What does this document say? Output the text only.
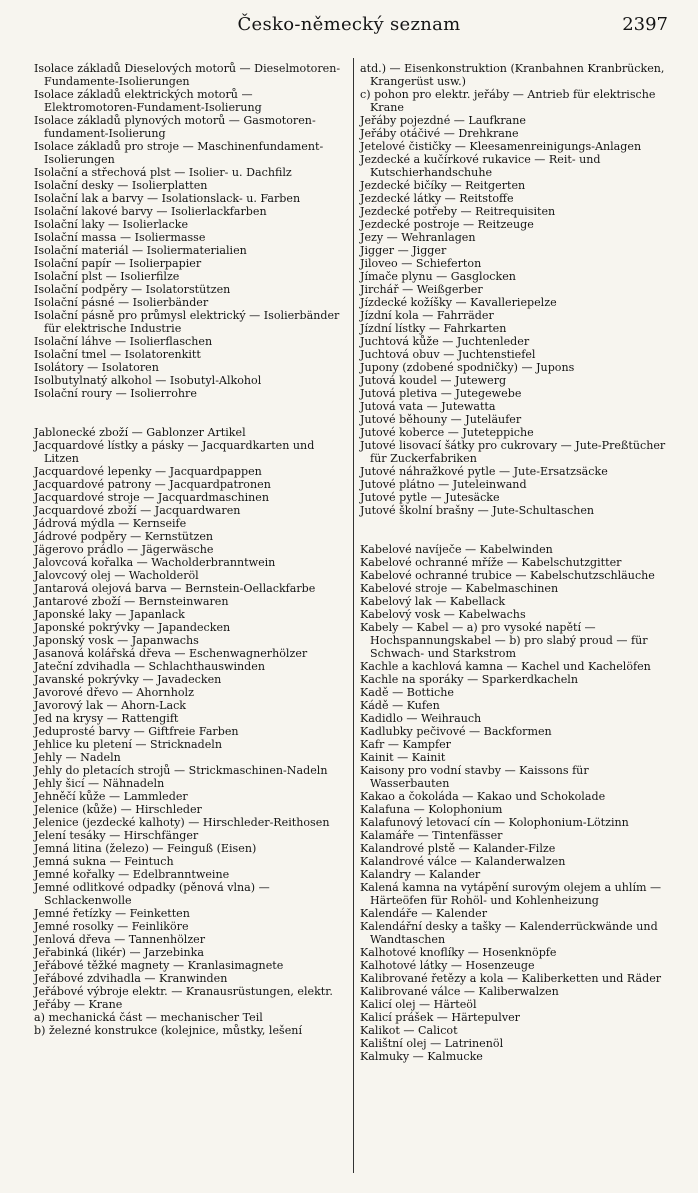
Česko-německý seznam	2397
Isolace základů Dieselových motorů — Dieselmotoren-Fundamente-Isolierungen
Isolace základů elektrických motorů — Elektromotoren-Fundament-Isolierung
Isolace základů plynových motorů — Gasmotoren-fundament-Isolierung
Isolace základů pro stroje — Maschinenfundament-Isolierungen
Isolační a střechová plst — Isolier- u. Dachfilz
Isolační desky — Isolierplatten
Isolační lak a barvy — Isolationslack- u. Farben
Isolační lakové barvy — Isolierlackfarben
Isolační laky — Isolierlacke
Isolační massa — Isoliermasse
Isolační materiál — Isoliermaterialien
Isolační papír — Isolierpapier
Isolační plst — Isolierfilze
Isolační podpěry — Isolatorstützen
Isolační pásné — Isolierbänder
Isolační pásně pro průmysl elektrický — Isolierbänder für elektrische Industrie
Isolační láhve — Isolierflaschen
Isolační tmel — Isolatorenkitt
Isolátory — Isolatoren
Isolbutylnatý alkohol — Isobutyl-Alkohol
Isolační roury — Isolierrohre
Jablonecké zboží — Gablonzer Artikel
Jacquardové lístky a pásky — Jacquardkarten und Litzen
Jacquardové lepenky — Jacquardpappen
Jacquardové patrony — Jacquardpatronen
Jacquardové stroje — Jacquardmaschinen
Jacquardové zboží — Jacquardwaren
Jádrová mýdla — Kernseife
Jádrové podpěry — Kernstützen
Jägerovo prádlo — Jägerwäsche
Jalovcová kořalka — Wacholderbranntwein
Jalovcový olej — Wacholderöl
Jantarová olejová barva — Bernstein-Oellackfarbe
Jantarové zboží — Bernsteinwaren
Japonské laky — Japanlack
Japonské pokrývky — Japandecken
Japonský vosk — Japanwachs
Jasanová kolářská dřeva — Eschenwagnerhölzer
Jateční zdvihadla — Schlachthauswinden
Javanské pokrývky — Javadecken
Javorové dřevo — Ahornholz
Javorový lak — Ahorn-Lack
Jed na krysy — Rattengift
Jeduprosté barvy — Giftfreie Farben
Jehlice ku pletení — Stricknadeln
Jehly — Nadeln
Jehly do pletacích strojů — Strickmaschinen-Nadeln
Jehly šicí — Nähnadeln
Jehněčí kůže — Lammleder
Jelenice (kůže) — Hirschleder
Jelenice (jezdecké kalhoty) — Hirschleder-Reithosen
Jelení tesáky — Hirschfänger
Jemná litina (železo) — Feinguß (Eisen)
Jemná sukna — Feintuch
Jemné kořalky — Edelbranntweine
Jemné odlitkové odpadky (pěnová vlna) — Schlackenwolle
Jemné řetízky — Feinketten
Jemné rosolky — Feinliköre
Jenlová dřeva — Tannenhölzer
Jeřabinká (likér) — Jarzebinka
Jeřábové těžké magnety — Kranlasimagnete
Jeřábové zdvihadla — Kranwinden
Jeřábové výbroje elektr. — Kranausrüstungen, elektr.
Jeřáby — Krane
a) mechanická část — mechanischer Teil
b) železné konstrukce (kolejnice, můstky, lešení
atd.) — Eisenkonstruktion (Kranbahnen Kranbrücken, Krangerüst usw.)
c) pohon pro elektr. jeřáby — Antrieb für elektrische Krane
Jeřáby pojezdné — Laufkrane
Jeřáby otáčivé — Drehkrane
Jetelové čističky — Kleesamenreinigungs-Anlagen
Jezdecké a kučírkové rukavice — Reit- und Kutschierhandschuhe
Jezdecké bičíky — Reitgerten
Jezdecké látky — Reitstoffe
Jezdecké potřeby — Reitrequisiten
Jezdecké postroje — Reitzeuge
Jezy — Wehranlagen
Jigger — Jigger
Jiloveo — Schieferton
Jímače plynu — Gasglocken
Jirchář — Weißgerber
Jízdecké kožíšky — Kavalleriepelze
Jízdní kola — Fahrräder
Jízdní lístky — Fahrkarten
Juchtová kůže — Juchtenleder
Juchtová obuv — Juchtenstiefel
Jupony (zdobené spodničky) — Jupons
Jutová koudel — Jutewerg
Jutová pletiva — Jutegewebe
Jutová vata — Jutewatta
Jutové běhouny — Juteläufer
Jutové koberce — Juteteppiche
Jutové lisovací šátky pro cukrovary — Jute-Preßtücher für Zuckerfabriken
Jutové náhražkové pytle — Jute-Ersatzsäcke
Jutové plátno — Juteleinwand
Jutové pytle — Jutesäcke
Jutové školní brašny — Jute-Schultaschen
Kabelové navíječe — Kabelwinden
Kabelové ochranné mříže — Kabelschutzgitter
Kabelové ochranné trubice — Kabelschutzschläuche
Kabelové stroje — Kabelmaschinen
Kabelový lak — Kabellack
Kabelový vosk — Kabelwachs
Kabely — Kabel — a) pro vysoké napětí — Hochspannungskabel — b) pro slabý proud — für Schwach- und Starkstrom
Kachle a kachlová kamna — Kachel und Kachelöfen
Kachle na sporáky — Sparkerdkacheln
Kadě — Bottiche
Kádě — Kufen
Kadidlo — Weihrauch
Kadlubky pečivové — Backformen
Kafr — Kampfer
Kainit — Kainit
Kaisony pro vodní stavby — Kaissons für Wasserbauten
Kakao a čokoláda — Kakao und Schokolade
Kalafuna — Kolophonium
Kalafunový letovací cín — Kolophonium-Lötzinn
Kalamáře — Tintenfässer
Kalandrové plstě — Kalander-Filze
Kalandrové válce — Kalanderwalzen
Kalandry — Kalander
Kalená kamna na vytápění surovým olejem a uhlím — Härteöfen für Rohöl- und Kohlenheizung
Kalendáře — Kalender
Kalendářní desky a tašky — Kalenderrückwände und Wandtaschen
Kalhotové knoflíky — Hosenknöpfe
Kalhotové látky — Hosenzeuge
Kalibrované řetězy a kola — Kaliberketten und Räder
Kalibrované válce — Kaliberwalzen
Kalicí olej — Härteöl
Kalicí prášek — Härtepulver
Kalikot — Calicot
Kalištní olej — Latrinenöl
Kalmuky — Kalmucke
